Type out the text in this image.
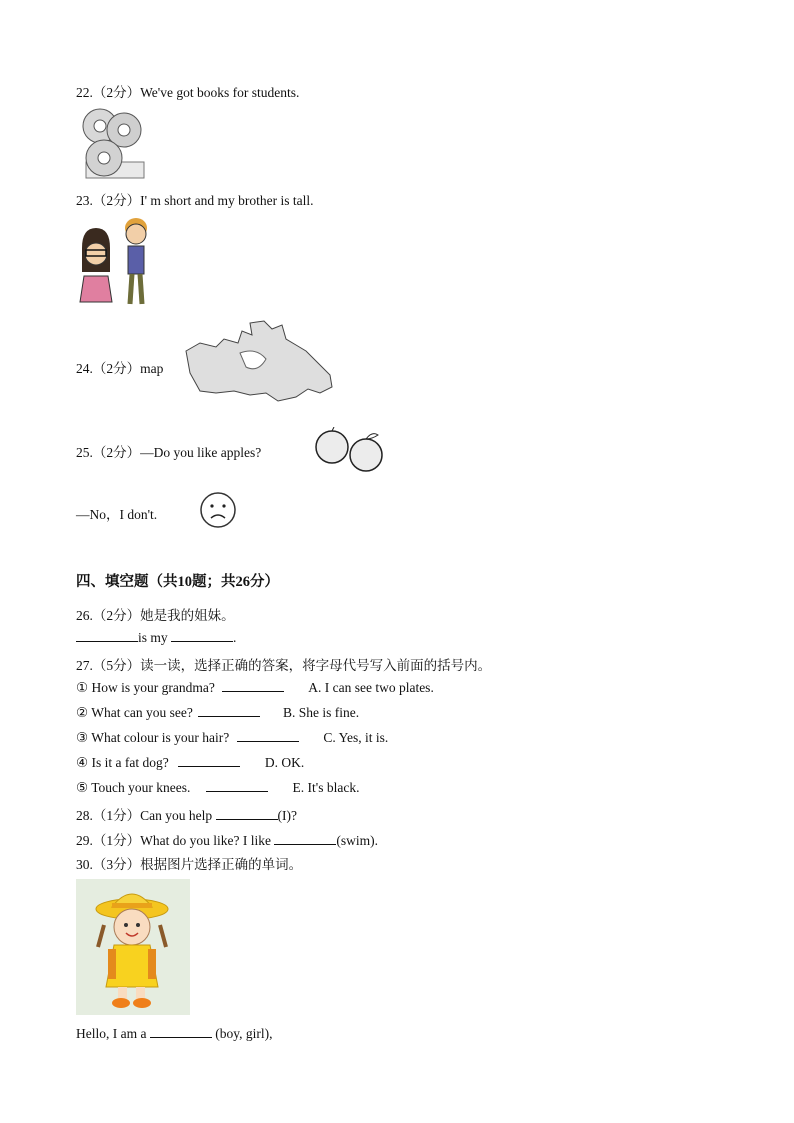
22.（2分）We've got books for students.
23.（2分）I' m short and my brother is tall.
24.（2分）map
25.（2分）—Do you like apples?
—No，I don't.
四、填空题（共10题；共26分）
26.（2分）她是我的姐妹。
is my	.
27.（5分）读一读，选择正确的答案，将字母代号写入前面的括号内。
① How is your grandma?	A. I can see two plates.
② What can you see?	B. She is fine.
③ What colour is your hair?	C. Yes, it is.
④ Is it a fat dog?	D. OK.
⑤ Touch your knees.	E. It's black.
28.（1分）Can you help	(I)?
29.（1分）What do you like? I like	(swim).
30.（3分）根据图片选择正确的单词。
Hello, I am a	(boy, girl),
